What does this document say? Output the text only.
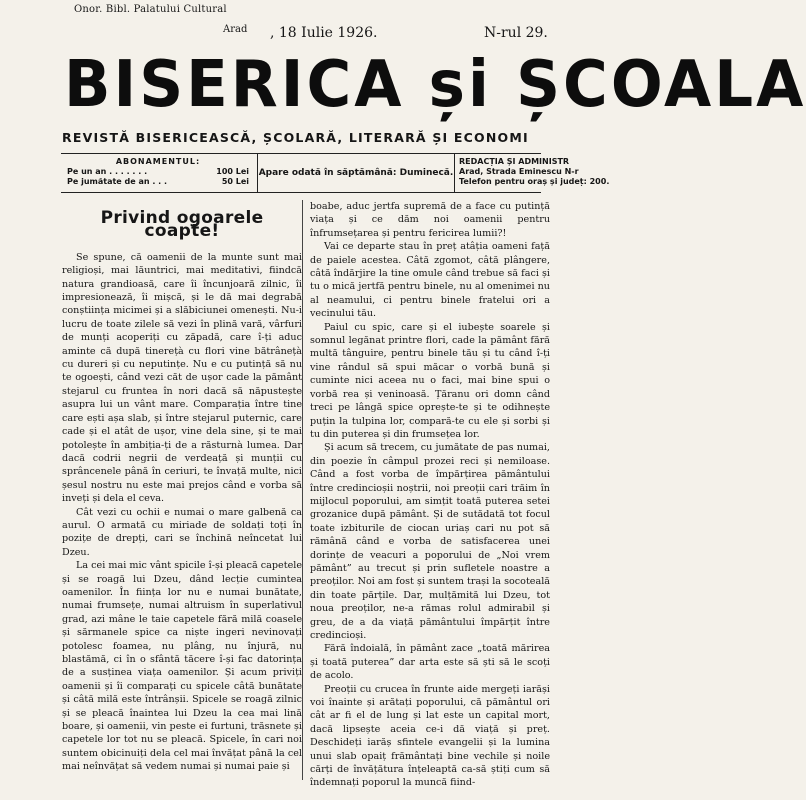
Onor. Bibl. Palatului Cultural
Arad , 18 Iulie 1926.	N-rul 29.
BISERICA și ȘCOALA
REVISTĂ BISERICEASCĂ, ȘCOLARĂ, LITERARĂ ȘI ECONOMI
ABONAMENTUL:
Pe un an . . . . . . .	100 Lei
Pe jumătate de an . . .	50 Lei
Apare odată în săptămână: Duminecă.
REDACȚIA ȘI ADMINISTR
Arad, Strada Eminescu N-r
Telefon pentru oraș și județ: 200.
Privind ogoarele coapte!

Se spune, că oamenii de la munte sunt mai religioși, mai lăuntrici, mai meditativi, fiindcă natura grandioasă, care îi încunjoară zilnic, îi impresionează, îi mișcă, și le dă mai degrabă conștiința micimei și a slăbiciunei omenești. Nu-i lucru de toate zilele să vezi în plină vară, vârfuri de munți acoperiți cu zăpadă, care î-ți aduc aminte că după tinerețà cu flori vine bătrânețà cu dureri și cu neputințe. Nu e cu putință să nu te ogoești, când vezi căt de ușor cade la pământ stejarul cu fruntea în nori dacă să năpustește asupra lui un vânt mare. Comparația între tine care ești așa slab, și între stejarul puternic, care cade și el atât de ușor, vine dela sine, și te mai potolește în ambiția-ți de a răsturnà lumea. Dar dacă codrii negrii de verdeață și munții cu sprâncenele până în ceriuri, te învață multe, nici șesul nostru nu este mai prejos când e vorba să inveți și dela el ceva.

Cât vezi cu ochii e numai o mare galbenă ca aurul. O armată cu miriade de soldați toți în pozițe de drepți, cari se închină neîncetat lui Dzeu.

La cei mai mic vânt spicile î-și pleacă capetele și se roagă lui Dzeu, dând lecție cumintea oamenilor. În ființa lor nu e numai bunătate, numai frumsețe, numai altruism în superlativul grad, azi mâne le taie capetele fără milă coasele și sărmanele spice ca niște ingeri nevinovați potolesc foamea, nu plâng, nu înjură, nu blastămă, ci în o sfântă tăcere î-și fac datorința de a susținea viața oamenilor. Și acum priviți oamenii și îi comparați cu spicele câtă bunătate și câtă milă este întrânșii. Spicele se roagă zilnic și se pleacă înaintea lui Dzeu la cea mai lină boare, și oamenii, vin peste ei furtuni, trăsnete și capetele lor tot nu se pleacă. Spicele, în cari noi suntem obicinuiți dela cel mai învățat până la cel mai neînvățat să vedem numai și numai paie și

boabe, aduc jertfa supremă de a face cu putință viața și ce dăm noi oamenii pentru înfrumsețarea și pentru fericirea lumii?!

Vai ce departe stau în preț atâția oameni față de paiele acestea. Câtă zgomot, câtă plângere, câtă îndărjire la tine omule când trebue să faci și tu o mică jertfă pentru binele, nu al omenimei nu al neamului, ci pentru binele fratelui ori a vecinului tău.

Paiul cu spic, care și el iubește soarele și somnul legănat printre flori, cade la pământ fără multă tânguire, pentru binele tău și tu când î-ți vine rândul să spui măcar o vorbă bună și cuminte nici aceea nu o faci, mai bine spui o vorbă rea și veninoasă. Țăranu ori domn când treci pe lângă spice oprește-te și te odihnește puțin la tulpina lor, compară-te cu ele și sorbi și tu din puterea și din frumsețea lor.

Și acum să trecem, cu jumătate de pas numai, din poezie în câmpul prozei reci și nemiloase. Când a fost vorba de împărțirea pământului între credincioșii noștrii, noi preoții cari trăim în mijlocul poporului, am simțit toată puterea setei grozanice după pământ. Și de sutădată tot focul toate izbiturile de ciocan uriaș cari nu pot să rămână când e vorba de satisfacerea unei dorințe de veacuri a poporului de „Noi vrem pământ” au trecut și prin sufletele noastre a preoților. Noi am fost și suntem trași la socoteală din toate părțile. Dar, mulțămită lui Dzeu, tot noua preoților, ne-a rămas rolul admirabil și greu, de a da viață pământului împărțit între credincioși.

Fără îndoială, în pământ zace „toată mărirea și toată puterea” dar arta este să ști să le scoți de acolo.

Preoții cu crucea în frunte aide mergeți iarăși voi înainte și arătați poporului, că pământul ori cât ar fi el de lung și lat este un capital mort, dacă lipsește aceia ce-i dă viață și preț. Deschideți iarăș sfintele evangelii și la lumina unui slab opaiț frământați bine vechile și noile cărți de învățătura înțeleaptă ca-să știți cum să îndemnați poporul la muncă fiind-
